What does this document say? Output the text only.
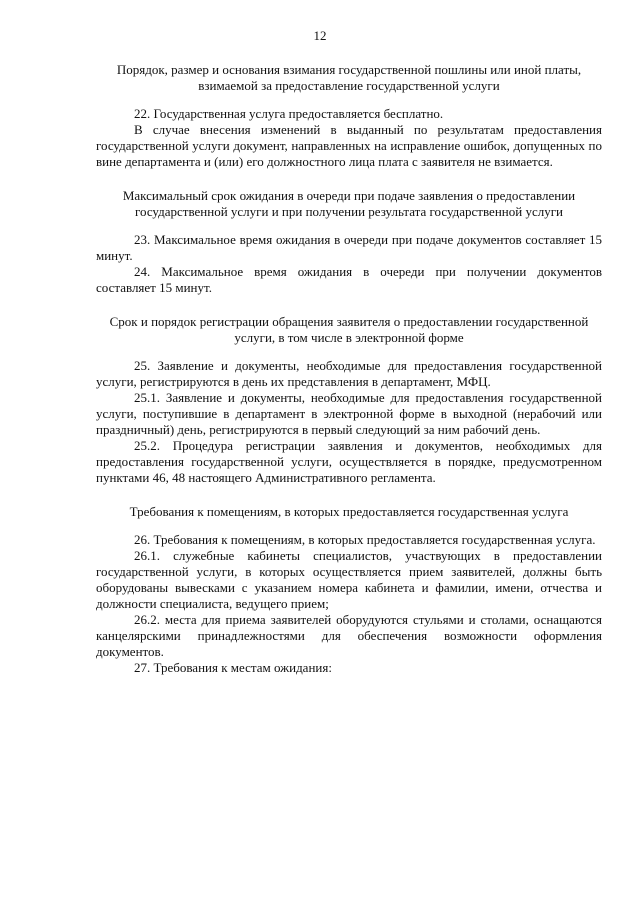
12

Порядок, размер и основания взимания государственной пошлины или иной платы, взимаемой за предоставление государственной услуги

22. Государственная услуга предоставляется бесплатно.

В случае внесения изменений в выданный по результатам предоставления государственной услуги документ, направленных на исправление ошибок, допущенных по вине департамента и (или) его должностного лица плата с заявителя не взимается.

Максимальный срок ожидания в очереди при подаче заявления о предоставлении государственной услуги и при получении результата государственной услуги

23. Максимальное время ожидания в очереди при подаче документов составляет 15 минут.

24. Максимальное время ожидания в очереди при получении документов составляет 15 минут.

Срок и порядок регистрации обращения заявителя о предоставлении государственной услуги, в том числе в электронной форме

25. Заявление и документы, необходимые для предоставления государственной услуги, регистрируются в день их представления в департамент, МФЦ.

25.1. Заявление и документы, необходимые для предоставления государственной услуги, поступившие в департамент в электронной форме в выходной (нерабочий или праздничный) день, регистрируются в первый следующий за ним рабочий день.

25.2. Процедура регистрации заявления и документов, необходимых для предоставления государственной услуги, осуществляется в порядке, предусмотренном пунктами 46, 48 настоящего Административного регламента.

Требования к помещениям, в которых предоставляется государственная услуга

26. Требования к помещениям, в которых предоставляется государственная услуга.

26.1. служебные кабинеты специалистов, участвующих в предоставлении государственной услуги, в которых осуществляется прием заявителей, должны быть оборудованы вывесками с указанием номера кабинета и фамилии, имени, отчества и должности специалиста, ведущего прием;

26.2. места для приема заявителей оборудуются стульями и столами, оснащаются канцелярскими принадлежностями для обеспечения возможности оформления документов.

27. Требования к местам ожидания:
